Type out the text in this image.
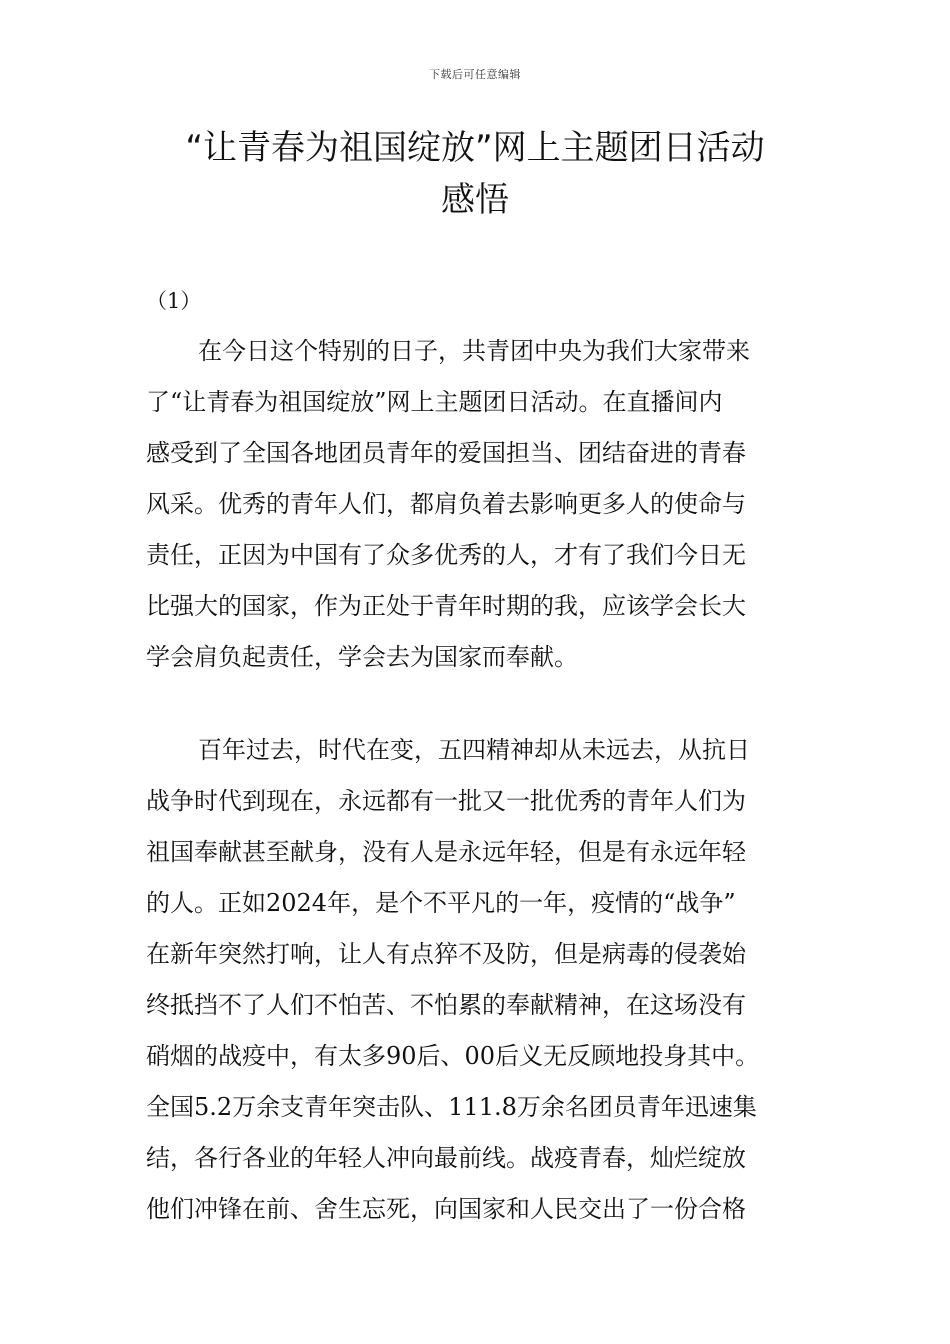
下载后可任意编辑
“让青春为祖国绽放”网上主题团日活动
感悟
（1）
在今日这个特别的日子，共青团中央为我们大家带来
了“让青春为祖国绽放”网上主题团日活动。在直播间内
感受到了全国各地团员青年的爱国担当、团结奋进的青春
风采。优秀的青年人们，都肩负着去影响更多人的使命与
责任，正因为中国有了众多优秀的人，才有了我们今日无
比强大的国家，作为正处于青年时期的我，应该学会长大
学会肩负起责任，学会去为国家而奉献。
百年过去，时代在变，五四精神却从未远去，从抗日
战争时代到现在，永远都有一批又一批优秀的青年人们为
祖国奉献甚至献身，没有人是永远年轻，但是有永远年轻
的人。正如2024年，是个不平凡的一年，疫情的“战争”
在新年突然打响，让人有点猝不及防，但是病毒的侵袭始
终抵挡不了人们不怕苦、不怕累的奉献精神，在这场没有
硝烟的战疫中，有太多90后、00后义无反顾地投身其中。
全国5.2万余支青年突击队、111.8万余名团员青年迅速集
结，各行各业的年轻人冲向最前线。战疫青春，灿烂绽放
他们冲锋在前、舍生忘死，向国家和人民交出了一份合格
